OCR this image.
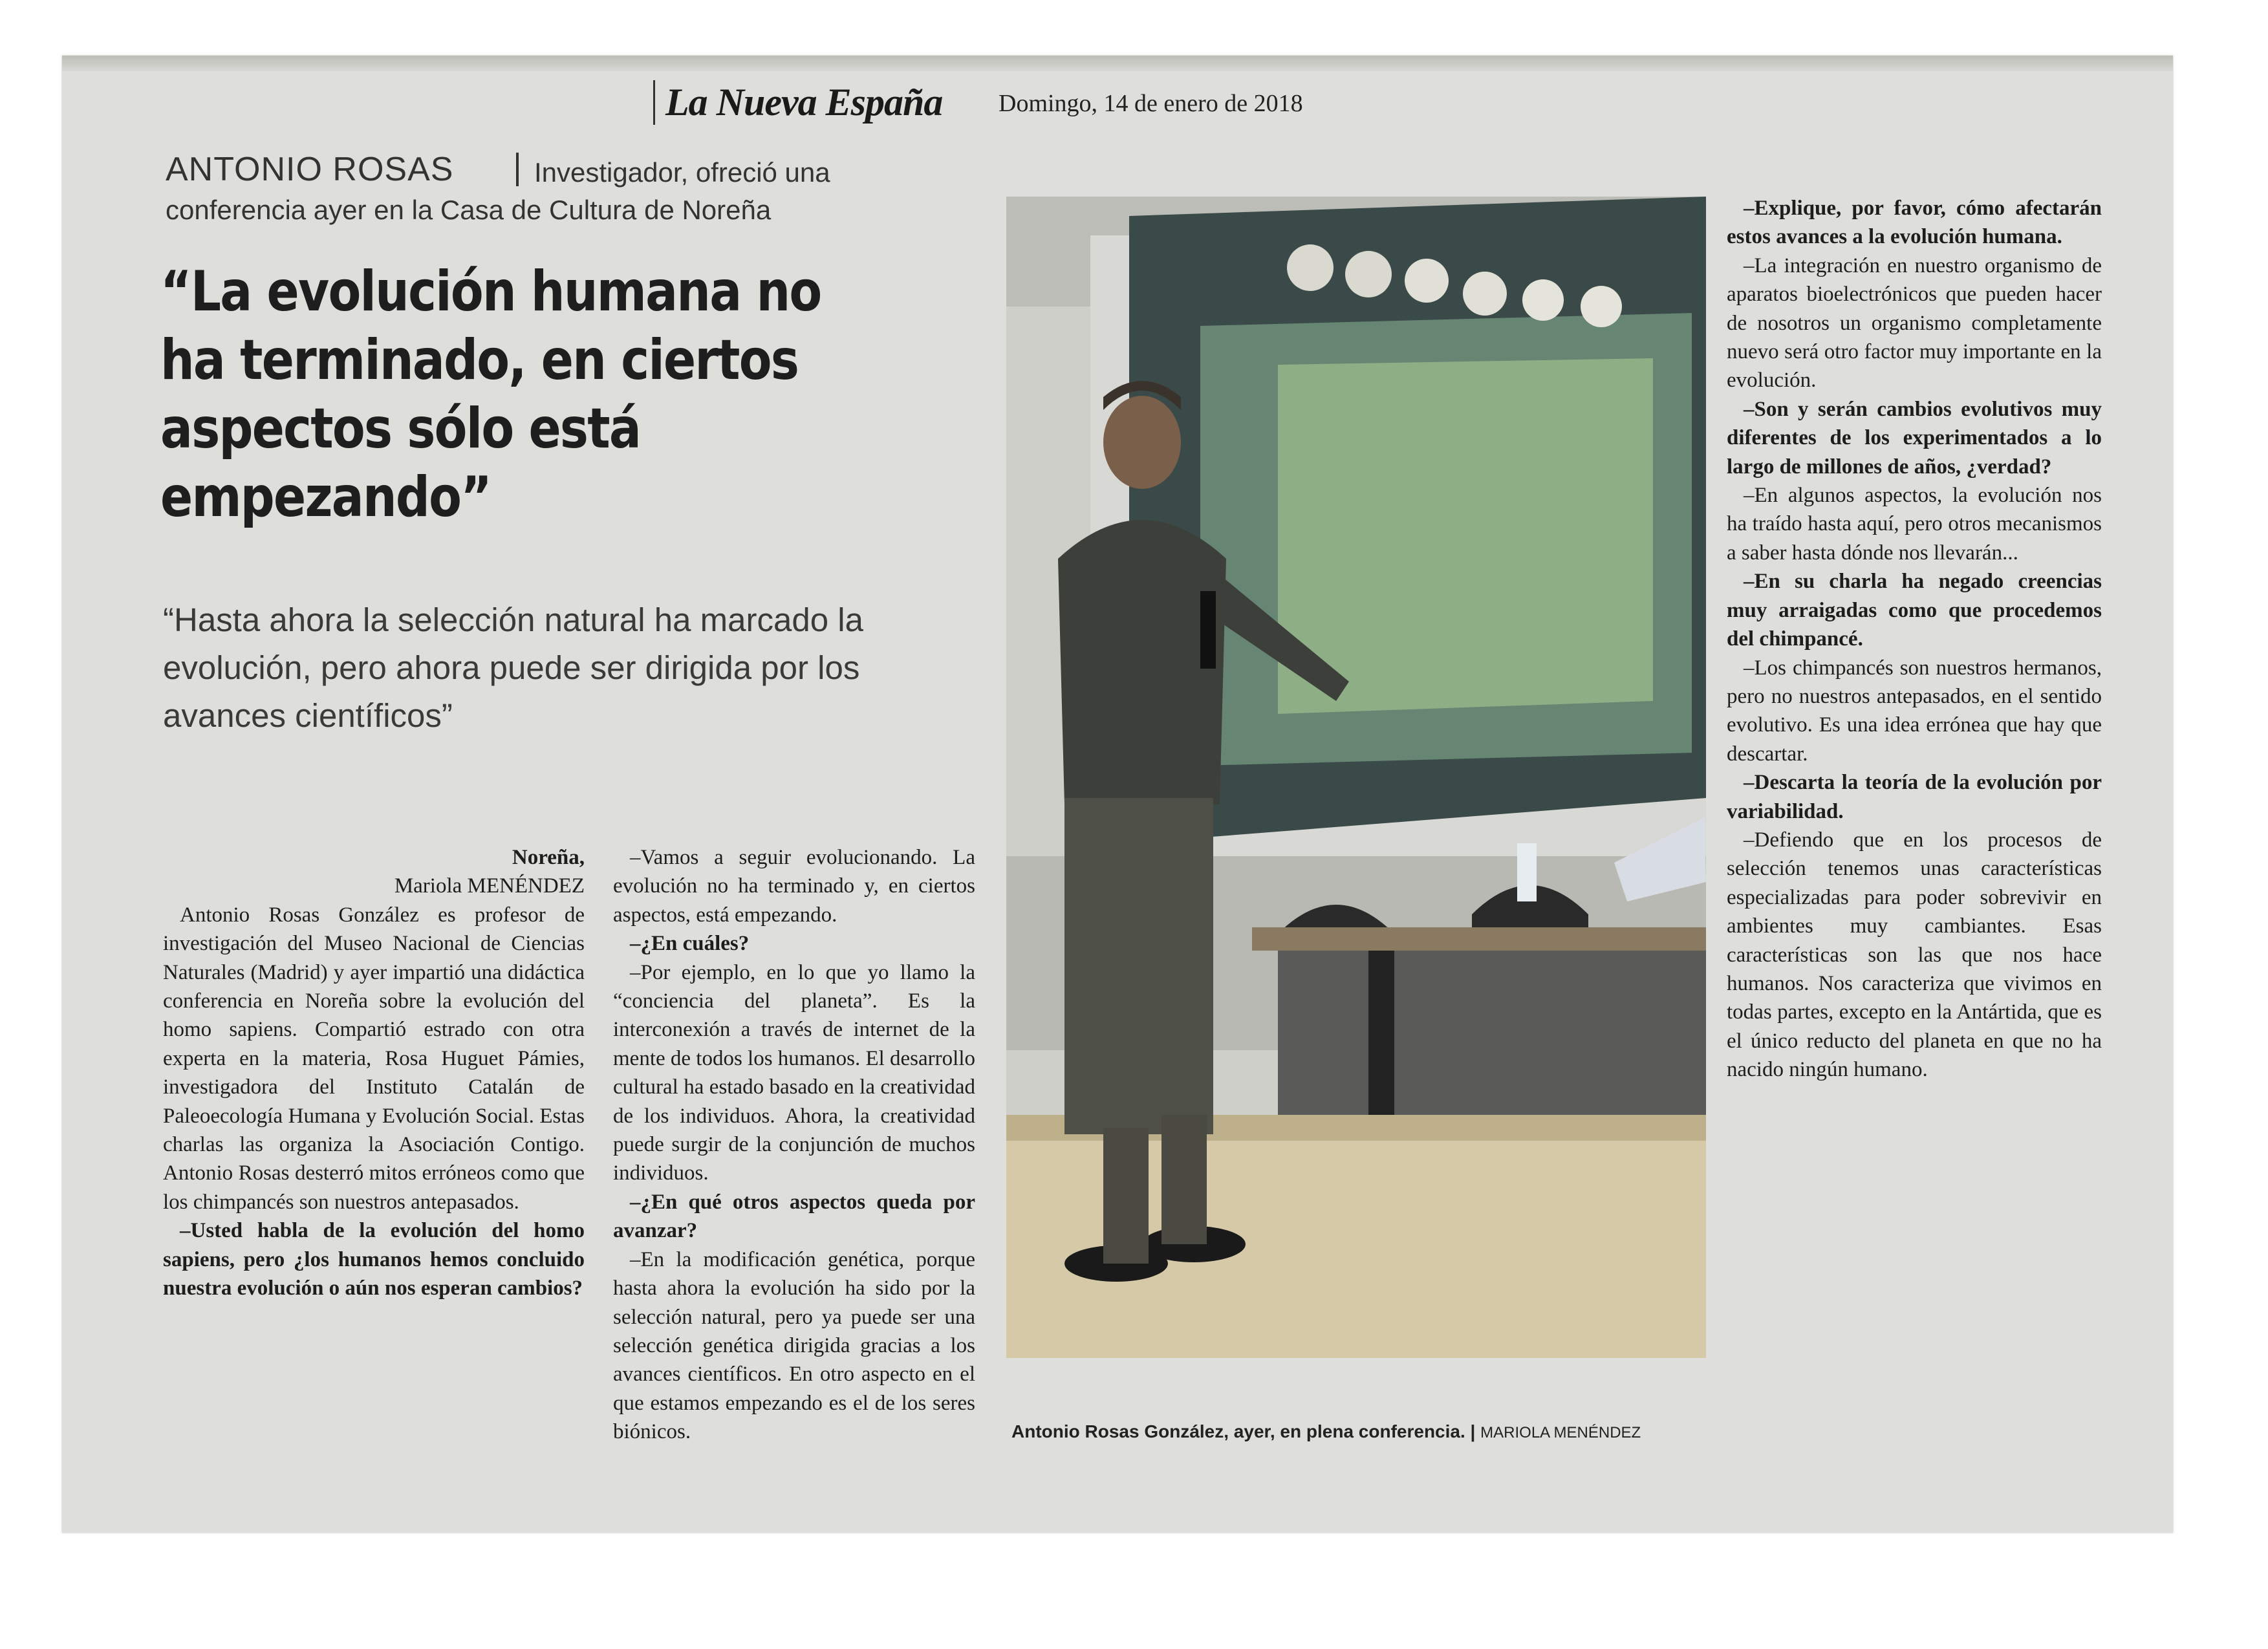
La Nueva España Domingo, 14 de enero de 2018
ANTONIO ROSAS	Investigador, ofreció una conferencia ayer en la Casa de Cultura de Noreña
“La evolución humana no ha terminado, en ciertos aspectos sólo está empezando”
“Hasta ahora la selección natural ha marcado la evolución, pero ahora puede ser dirigida por los avances científicos”

Noreña,
Mariola MENÉNDEZ

Antonio Rosas González es profesor de investigación del Museo Nacional de Ciencias Naturales (Madrid) y ayer impartió una didáctica conferencia en Noreña sobre la evolución del homo sapiens. Compartió estrado con otra experta en la materia, Rosa Huguet Pámies, investigadora del Instituto Catalán de Paleoecología Humana y Evolución Social. Estas charlas las organiza la Asociación Contigo. Antonio Rosas desterró mitos erróneos como que los chimpancés son nuestros antepasados.

–Usted habla de la evolución del homo sapiens, pero ¿los humanos hemos concluido nuestra evolución o aún nos esperan cambios?

–Vamos a seguir evolucionando. La evolución no ha terminado y, en ciertos aspectos, está empezando.

–¿En cuáles?

–Por ejemplo, en lo que yo llamo la “conciencia del planeta”. Es la interconexión a través de internet de la mente de todos los humanos. El desarrollo cultural ha estado basado en la creatividad de los individuos. Ahora, la creatividad puede surgir de la conjunción de muchos individuos.

–¿En qué otros aspectos queda por avanzar?

–En la modificación genética, porque hasta ahora la evolución ha sido por la selección natural, pero ya puede ser una selección genética dirigida gracias a los avances científicos. En otro aspecto en el que estamos empezando es el de los seres biónicos.

–Explique, por favor, cómo afectarán estos avances a la evolución humana.

–La integración en nuestro organismo de aparatos bioelectrónicos que pueden hacer de nosotros un organismo completamente nuevo será otro factor muy importante en la evolución.

–Son y serán cambios evolutivos muy diferentes de los experimentados a lo largo de millones de años, ¿verdad?

–En algunos aspectos, la evolución nos ha traído hasta aquí, pero otros mecanismos a saber hasta dónde nos llevarán...

–En su charla ha negado creencias muy arraigadas como que procedemos del chimpancé.

–Los chimpancés son nuestros hermanos, pero no nuestros antepasados, en el sentido evolutivo. Es una idea errónea que hay que descartar.

–Descarta la teoría de la evolución por variabilidad.

–Defiendo que en los procesos de selección tenemos unas características especializadas para poder sobrevivir en ambientes muy cambiantes. Esas características son las que nos hace humanos. Nos caracteriza que vivimos en todas partes, excepto en la Antártida, que es el único reducto del planeta en que no ha nacido ningún humano.

Antonio Rosas González, ayer, en plena conferencia. | MARIOLA MENÉNDEZ
